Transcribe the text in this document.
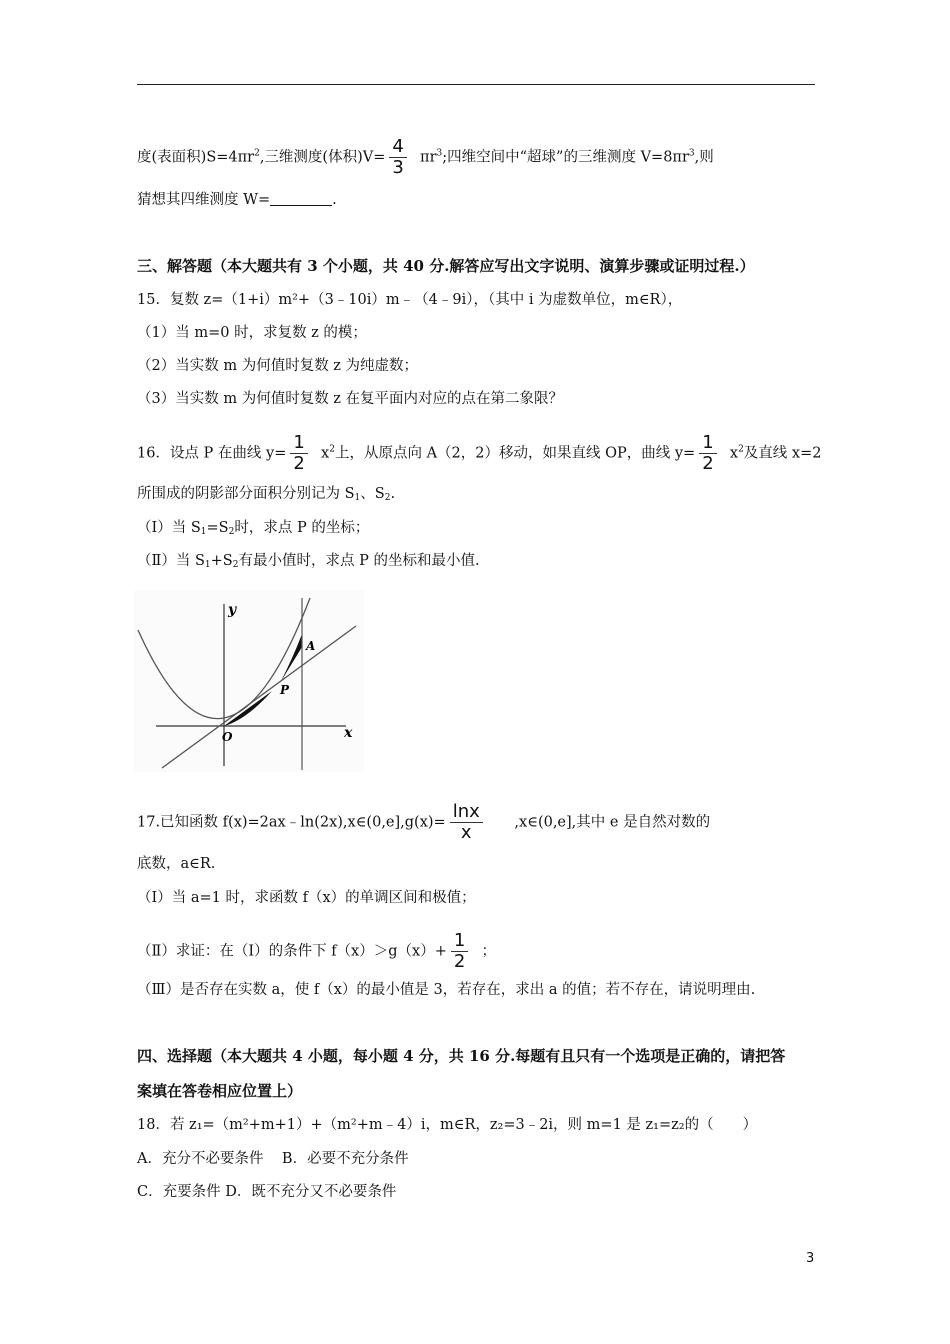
度(表面积)$S=4\pi r^2$,三维测度(体积)$V= \frac{4}{3} \pi r^3$;四维空间中“超球”的三维测度 $V=8\pi r^3$,则
猜想其四维测度 W=	.
三、解答题（本大题共有 3 个小题，共 40 分.解答应写出文字说明、演算步骤或证明过程.）
15．复数 z=（1+i）m²+（3﹣10i）m﹣（4﹣9i），（其中 i 为虚数单位，m∈R），
（1）当 m=0 时，求复数 z 的模；
（2）当实数 m 为何值时复数 z 为纯虚数；
（3）当实数 m 为何值时复数 z 在复平面内对应的点在第二象限？
16．设点 P 在曲线 $y= \frac{1}{2} x^2$上，从原点向 A（2，2）移动，如果直线 OP，曲线 $y= \frac{1}{2} x^2$及直线 x=2
所围成的阴影部分面积分别记为 $S_1$、$S_2$.
（Ⅰ）当 $S_1=S_2$时，求点 P 的坐标；
（Ⅱ）当 $S_1+S_2$有最小值时，求点 P 的坐标和最小值.
y
x
O
P
A
17.已知函数 f(x)=2ax﹣ln(2x),x∈(0,e],g(x)= $\frac{\ln x}{x}$ ,x∈(0,e],其中 e 是自然对数的
底数，a∈R.
（Ⅰ）当 a=1 时，求函数 f（x）的单调区间和极值；
（Ⅱ）求证：在（Ⅰ）的条件下 $f(x)>g(x)+ \frac{1}{2}$ ；
（Ⅲ）是否存在实数 a，使 f（x）的最小值是 3，若存在，求出 a 的值；若不存在，请说明理由.
四、选择题（本大题共 4 小题，每小题 4 分，共 16 分.每题有且只有一个选项是正确的，请把答
案填在答卷相应位置上）
18．若 z₁=（m²+m+1）+（m²+m﹣4）i，m∈R，z₂=3﹣2i，则 m=1 是 z₁=z₂的（　　）
A．充分不必要条件 B．必要不充分条件
C．充要条件 D．既不充分又不必要条件
3
